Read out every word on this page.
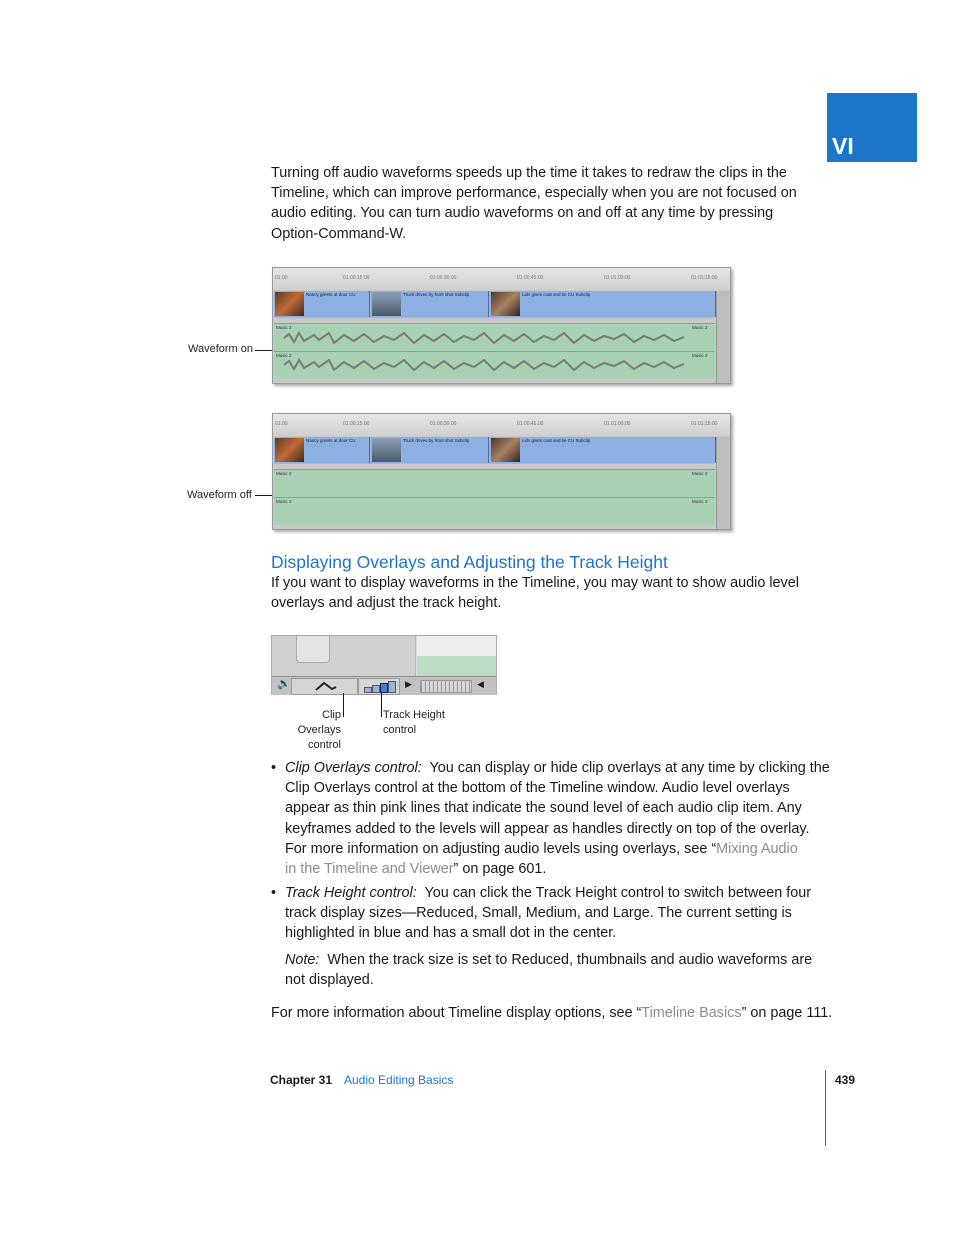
VI
Turning off audio waveforms speeds up the time it takes to redraw the clips in the
Timeline, which can improve performance, especially when you are not focused on
audio editing. You can turn audio waveforms on and off at any time by pressing
Option-Command-W.
Waveform on
01:00	01:00:15:00	01:00:30:00	01:00:45:00	01:01:00:00	01:01:15:00
Nancy greets at door CU	Truck drives by front shot Subclip	Lids gives coat and tie CU Subclip
Music 2	Music 2
Music 2	Music 2
Waveform off
01:00	01:00:15:00	01:00:30:00	01:00:45:00	01:01:00:00	01:01:15:00
Nancy greets at door CU	Truck drives by front shot Subclip	Lids gives coat and tie CU Subclip
Music 2	Music 2
Music 2	Music 2
Displaying Overlays and Adjusting the Track Height
If you want to display waveforms in the Timeline, you may want to show audio level
overlays and adjust the track height.
🔈	▶	◀
Clip Overlays
control
Track Height
control
• Clip Overlays control: You can display or hide clip overlays at any time by clicking the
Clip Overlays control at the bottom of the Timeline window. Audio level overlays
appear as thin pink lines that indicate the sound level of each audio clip item. Any
keyframes added to the levels will appear as handles directly on top of the overlay.
For more information on adjusting audio levels using overlays, see “Mixing Audio
in the Timeline and Viewer” on page 601.
• Track Height control: You can click the Track Height control to switch between four
track display sizes—Reduced, Small, Medium, and Large. The current setting is
highlighted in blue and has a small dot in the center.
Note: When the track size is set to Reduced, thumbnails and audio waveforms are
not displayed.
For more information about Timeline display options, see “Timeline Basics” on page 111.
Chapter 31 Audio Editing Basics	439
